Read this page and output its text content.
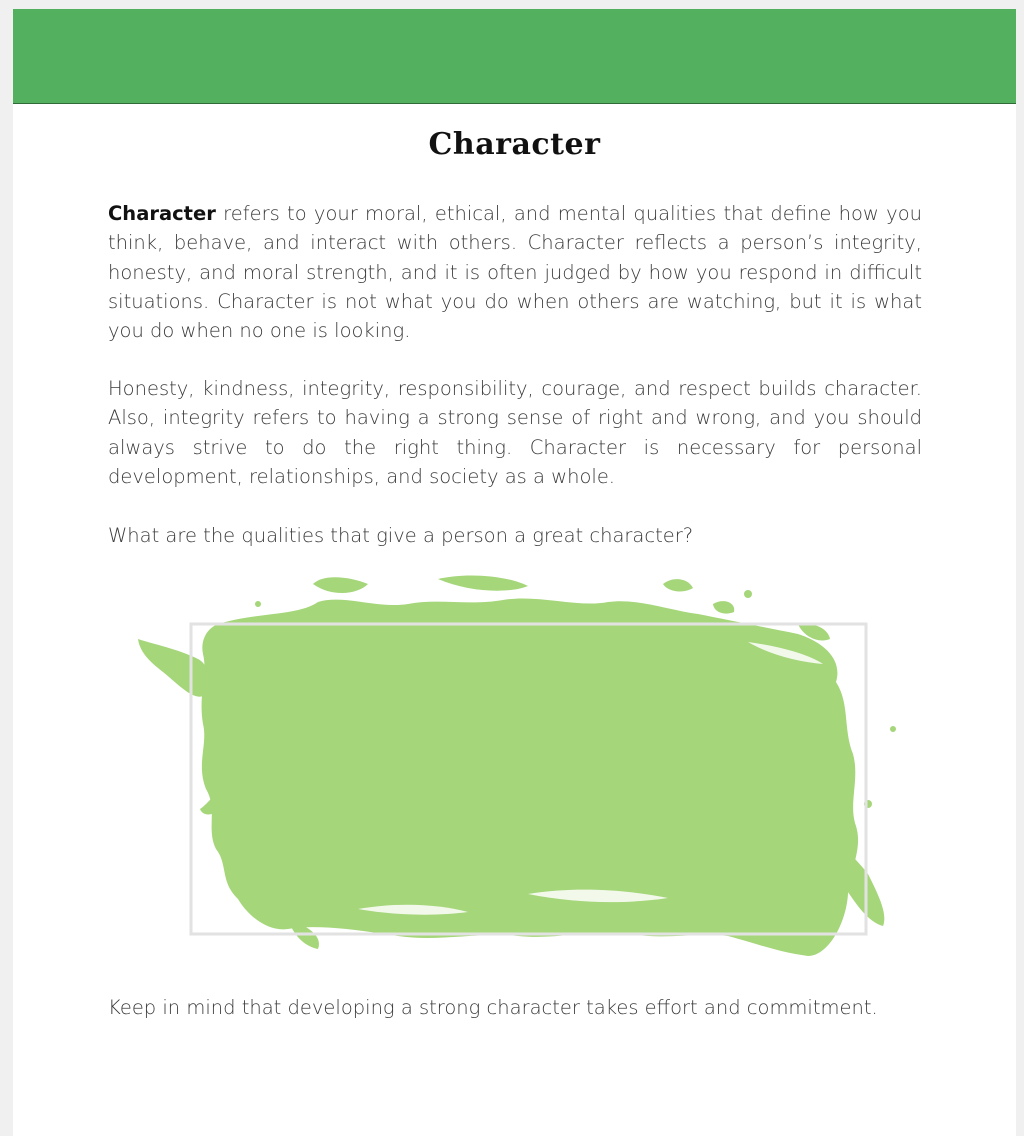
Character

Character refers to your moral, ethical, and mental qualities that define how you think, behave, and interact with others. Character reflects a person’s integrity, honesty, and moral strength, and it is often judged by how you respond in difficult situations. Character is not what you do when others are watching, but it is what you do when no one is looking.

Honesty, kindness, integrity, responsibility, courage, and respect builds character. Also, integrity refers to having a strong sense of right and wrong, and you should always strive to do the right thing. Character is necessary for personal development, relationships, and society as a whole.

What are the qualities that give a person a great character?

Keep in mind that developing a strong character takes effort and commitment.
